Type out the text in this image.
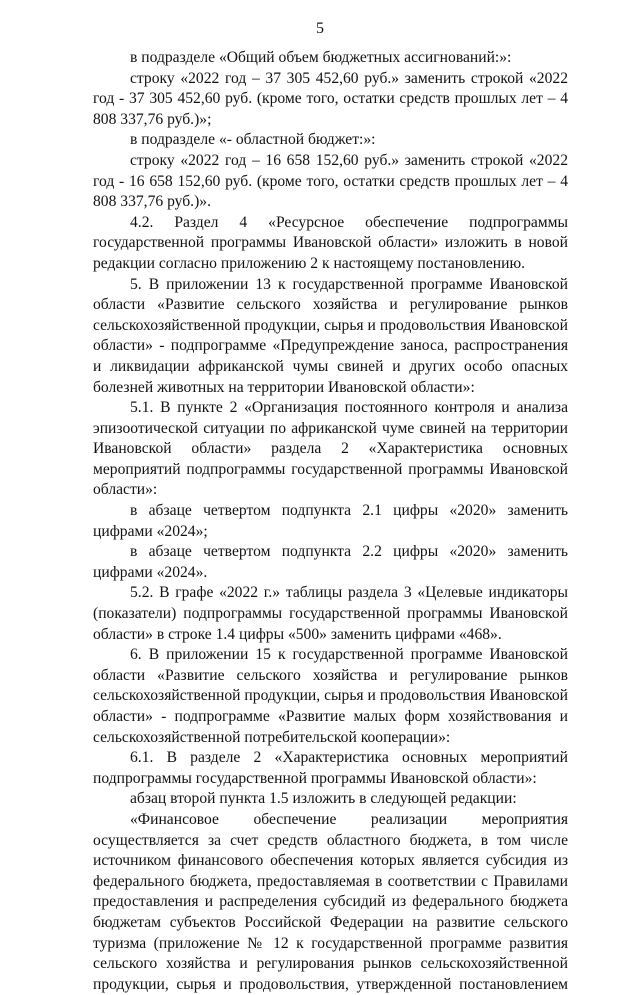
5

в подразделе «Общий объем бюджетных ассигнований:»:

строку «2022 год – 37 305 452,60 руб.» заменить строкой «2022 год - 37 305 452,60 руб. (кроме того, остатки средств прошлых лет – 4 808 337,76 руб.)»;

в подразделе «- областной бюджет:»:

строку «2022 год – 16 658 152,60 руб.» заменить строкой «2022 год - 16 658 152,60 руб. (кроме того, остатки средств прошлых лет – 4 808 337,76 руб.)».

4.2. Раздел 4 «Ресурсное обеспечение подпрограммы государственной программы Ивановской области» изложить в новой редакции согласно приложению 2 к настоящему постановлению.

5. В приложении 13 к государственной программе Ивановской области «Развитие сельского хозяйства и регулирование рынков сельскохозяйственной продукции, сырья и продовольствия Ивановской области» - подпрограмме «Предупреждение заноса, распространения и ликвидации африканской чумы свиней и других особо опасных болезней животных на территории Ивановской области»:

5.1. В пункте 2 «Организация постоянного контроля и анализа эпизоотической ситуации по африканской чуме свиней на территории Ивановской области» раздела 2 «Характеристика основных мероприятий подпрограммы государственной программы Ивановской области»:

в абзаце четвертом подпункта 2.1 цифры «2020» заменить цифрами «2024»;

в абзаце четвертом подпункта 2.2 цифры «2020» заменить цифрами «2024».

5.2. В графе «2022 г.» таблицы раздела 3 «Целевые индикаторы (показатели) подпрограммы государственной программы Ивановской области» в строке 1.4 цифры «500» заменить цифрами «468».

6. В приложении 15 к государственной программе Ивановской области «Развитие сельского хозяйства и регулирование рынков сельскохозяйственной продукции, сырья и продовольствия Ивановской области» - подпрограмме «Развитие малых форм хозяйствования и сельскохозяйственной потребительской кооперации»:

6.1. В разделе 2 «Характеристика основных мероприятий подпрограммы государственной программы Ивановской области»:

абзац второй пункта 1.5 изложить в следующей редакции:

«Финансовое обеспечение реализации мероприятия осуществляется за счет средств областного бюджета, в том числе источником финансового обеспечения которых является субсидия из федерального бюджета, предоставляемая в соответствии с Правилами предоставления и распределения субсидий из федерального бюджета бюджетам субъектов Российской Федерации на развитие сельского туризма (приложение № 12 к государственной программе развития сельского хозяйства и регулирования рынков сельскохозяйственной продукции, сырья и продовольствия, утвержденной постановлением
